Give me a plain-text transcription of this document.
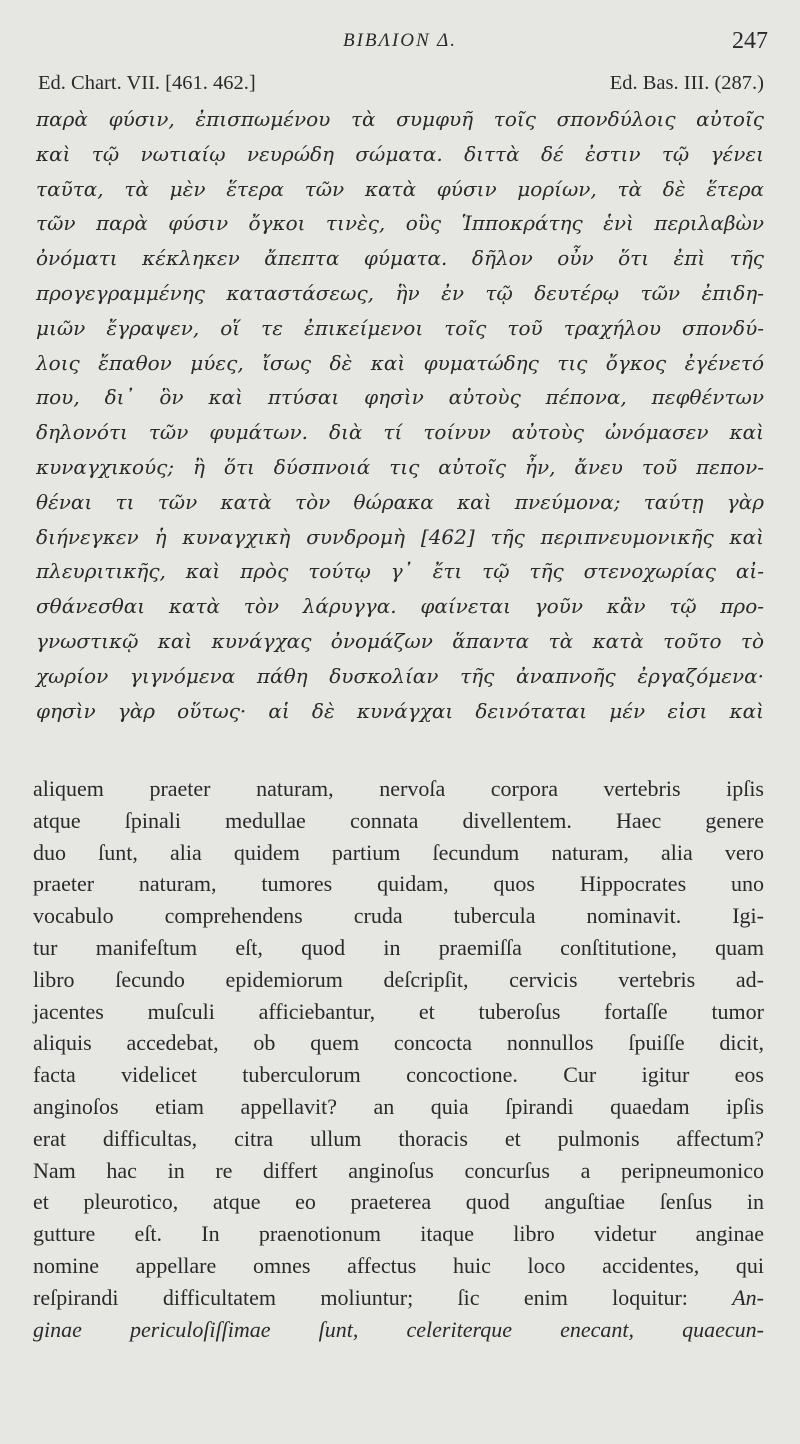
ΒΙΒΛΙΟΝ Δ.	247
Ed. Chart. VII. [461. 462.]	Ed. Bas. III. (287.)
παρὰ φύσιν, ἐπισπωμένου τὰ συμφυῆ τοῖς σπονδύλοις αὐτοῖς
καὶ τῷ νωτιαίῳ νευρώδη σώματα. διττὰ δέ ἐστιν τῷ γένει
ταῦτα, τὰ μὲν ἕτερα τῶν κατὰ φύσιν μορίων, τὰ δὲ ἕτερα
τῶν παρὰ φύσιν ὄγκοι τινὲς, οὓς Ἱπποκράτης ἑνὶ περιλαβὼν
ὀνόματι κέκληκεν ἄπεπτα φύματα. δῆλον οὖν ὅτι ἐπὶ τῆς
προγεγραμμένης καταστάσεως, ἣν ἐν τῷ δευτέρῳ τῶν ἐπιδη-
μιῶν ἔγραψεν, οἵ τε ἐπικείμενοι τοῖς τοῦ τραχήλου σπονδύ-
λοις ἔπαθον μύες, ἴσως δὲ καὶ φυματώδης τις ὄγκος ἐγένετό
που, δι᾽ ὃν καὶ πτύσαι φησὶν αὐτοὺς πέπονα, πεφθέντων
δηλονότι τῶν φυμάτων. διὰ τί τοίνυν αὐτοὺς ὠνόμασεν καὶ
κυναγχικούς; ἢ ὅτι δύσπνοιά τις αὐτοῖς ἦν, ἄνευ τοῦ πεπον-
θέναι τι τῶν κατὰ τὸν θώρακα καὶ πνεύμονα; ταύτῃ γὰρ
διήνεγκεν ἡ κυναγχικὴ συνδρομὴ [462] τῆς περιπνευμονικῆς καὶ
πλευριτικῆς, καὶ πρὸς τούτῳ γ᾽ ἔτι τῷ τῆς στενοχωρίας αἰ-
σθάνεσθαι κατὰ τὸν λάρυγγα. φαίνεται γοῦν κἂν τῷ προ-
γνωστικῷ καὶ κυνάγχας ὀνομάζων ἅπαντα τὰ κατὰ τοῦτο τὸ
χωρίον γιγνόμενα πάθη δυσκολίαν τῆς ἀναπνοῆς ἐργαζόμενα·
φησὶν γὰρ οὕτως· αἱ δὲ κυνάγχαι δεινόταται μέν εἰσι καὶ
aliquem praeter naturam, nervoſa corpora vertebris ipſis
atque ſpinali medullae connata divellentem. Haec genere
duo ſunt, alia quidem partium ſecundum naturam, alia vero
praeter naturam, tumores quidam, quos Hippocrates uno
vocabulo comprehendens cruda tubercula nominavit. Igi-
tur manifeſtum eſt, quod in praemiſſa conſtitutione, quam
libro ſecundo epidemiorum deſcripſit, cervicis vertebris ad-
jacentes muſculi afficiebantur, et tuberoſus fortaſſe tumor
aliquis accedebat, ob quem concocta nonnullos ſpuiſſe dicit,
facta videlicet tuberculorum concoctione. Cur igitur eos
anginoſos etiam appellavit? an quia ſpirandi quaedam ipſis
erat difficultas, citra ullum thoracis et pulmonis affectum?
Nam hac in re differt anginoſus concurſus a peripneumonico
et pleurotico, atque eo praeterea quod anguſtiae ſenſus in
gutture eſt. In praenotionum itaque libro videtur anginae
nomine appellare omnes affectus huic loco accidentes, qui
reſpirandi difficultatem moliuntur; ſic enim loquitur: An-
ginae periculoſiſſimae ſunt, celeriterque enecant, quaecun-
